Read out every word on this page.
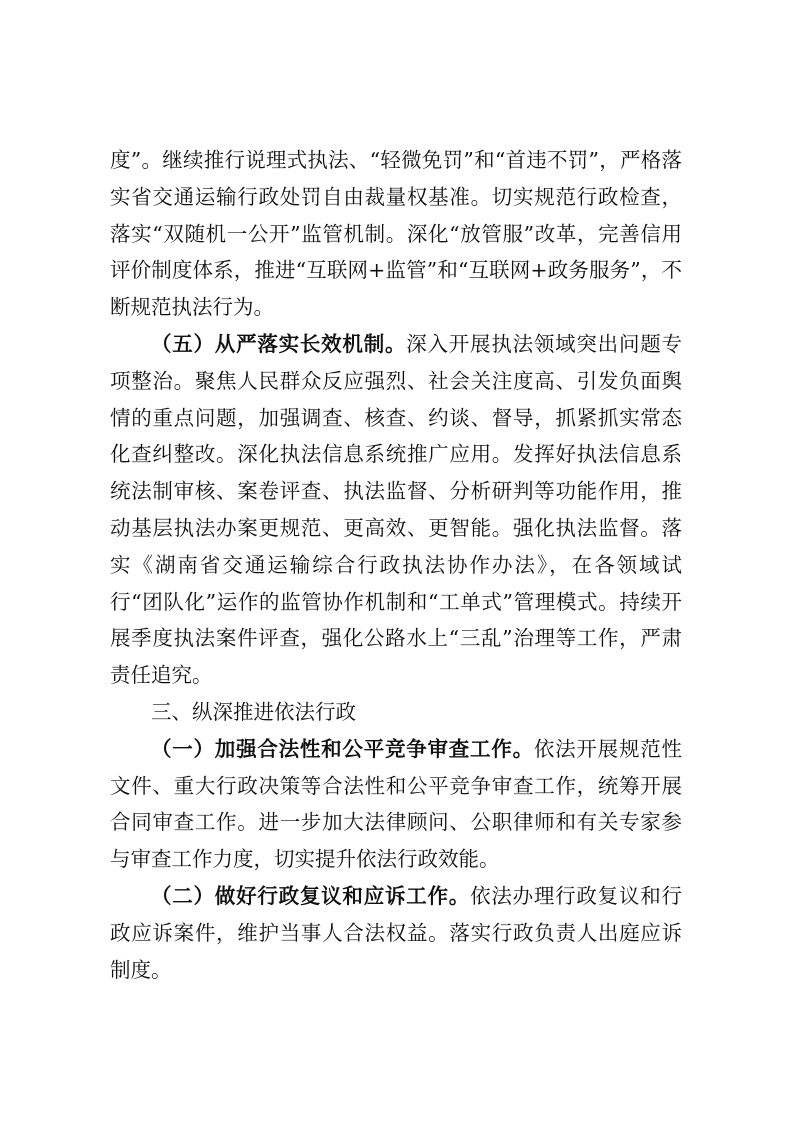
度”。继续推行说理式执法、“轻微免罚”和“首违不罚”，严格落实省交通运输行政处罚自由裁量权基准。切实规范行政检查，落实“双随机一公开”监管机制。深化“放管服”改革，完善信用评价制度体系，推进“互联网+监管”和“互联网+政务服务”，不断规范执法行为。

（五）从严落实长效机制。深入开展执法领域突出问题专项整治。聚焦人民群众反应强烈、社会关注度高、引发负面舆情的重点问题，加强调查、核查、约谈、督导，抓紧抓实常态化查纠整改。深化执法信息系统推广应用。发挥好执法信息系统法制审核、案卷评查、执法监督、分析研判等功能作用，推动基层执法办案更规范、更高效、更智能。强化执法监督。落实《湖南省交通运输综合行政执法协作办法》，在各领域试行“团队化”运作的监管协作机制和“工单式”管理模式。持续开展季度执法案件评查，强化公路水上“三乱”治理等工作，严肃责任追究。

三、纵深推进依法行政

（一）加强合法性和公平竞争审查工作。依法开展规范性文件、重大行政决策等合法性和公平竞争审查工作，统筹开展合同审查工作。进一步加大法律顾问、公职律师和有关专家参与审查工作力度，切实提升依法行政效能。

（二）做好行政复议和应诉工作。依法办理行政复议和行政应诉案件，维护当事人合法权益。落实行政负责人出庭应诉制度。
